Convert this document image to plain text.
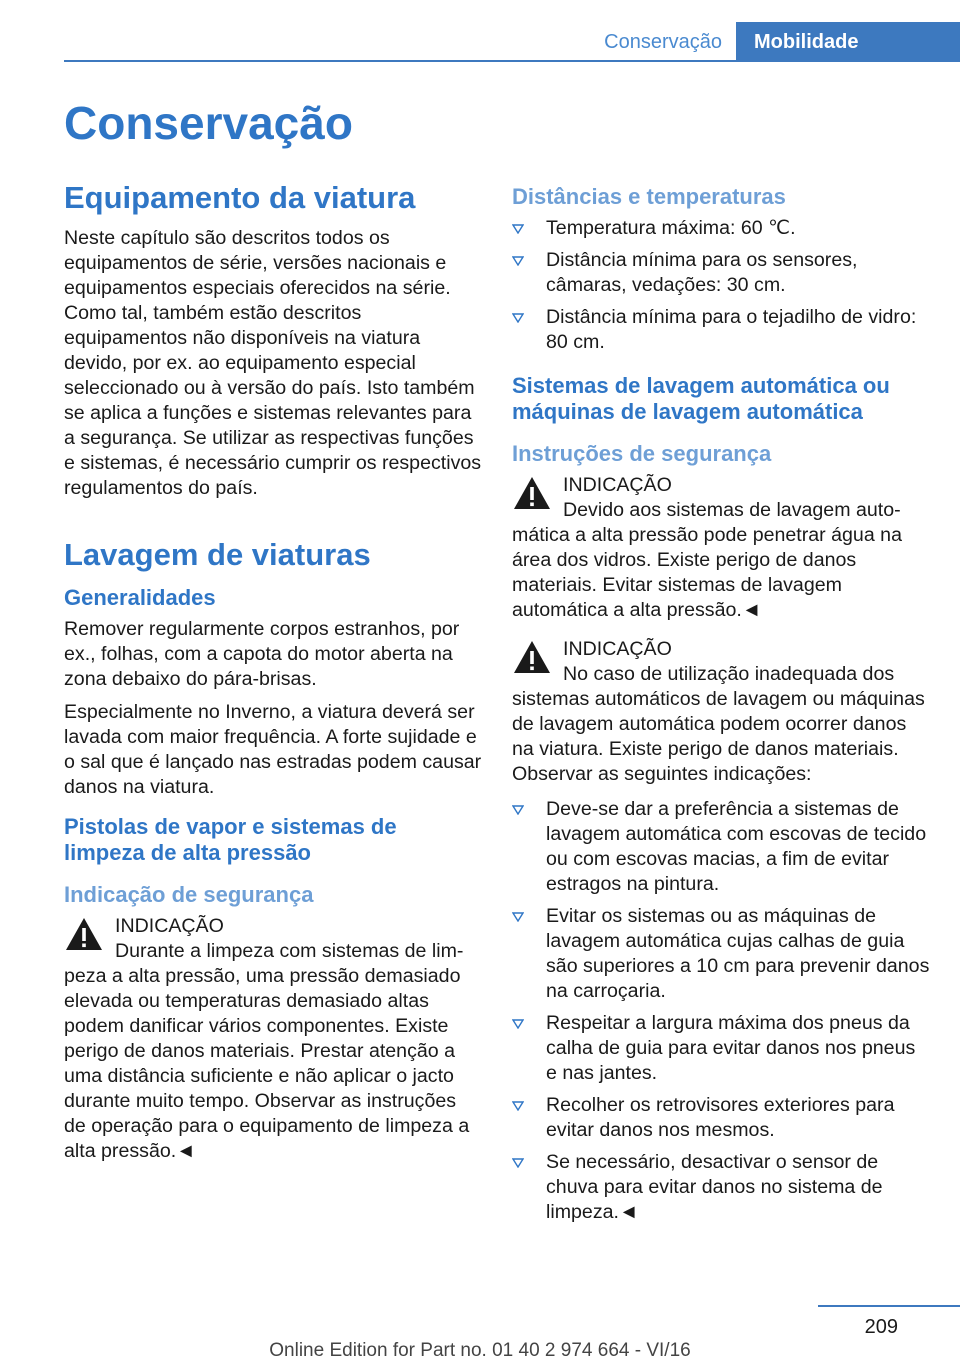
Conservação	Mobilidade
Conservação
Equipamento da viatura

Neste capítulo são descritos todos os equipamentos de série, versões nacionais e equipamentos especiais oferecidos na série. Como tal, também estão descritos equipamentos não disponíveis na viatura devido, por ex. ao equipamento especial seleccionado ou à versão do país. Isto também se aplica a funções e sistemas relevantes para a segurança. Se utilizar as respectivas funções e sistemas, é necessário cumprir os respectivos regulamentos do país.

Lavagem de viaturas
Generalidades

Remover regularmente corpos estranhos, por ex., folhas, com a capota do motor aberta na zona debaixo do pára-brisas.

Especialmente no Inverno, a viatura deverá ser lavada com maior frequência. A forte sujidade e o sal que é lançado nas estradas podem causar danos na viatura.

Pistolas de vapor e sistemas de limpeza de alta pressão
Indicação de segurança
INDICAÇÃO
Durante a limpeza com sistemas de lim-
peza a alta pressão, uma pressão demasiado elevada ou temperaturas demasiado altas podem danificar vários componentes. Existe perigo de danos materiais. Prestar atenção a uma distância suficiente e não aplicar o jacto durante muito tempo. Observar as instruções de operação para o equipamento de limpeza a alta pressão.◄
Distâncias e temperaturas
Temperatura máxima: 60 ℃.
Distância mínima para os sensores, câmaras, vedações: 30 cm.
Distância mínima para o tejadilho de vidro: 80 cm.
Sistemas de lavagem automática ou máquinas de lavagem automática
Instruções de segurança
INDICAÇÃO
Devido aos sistemas de lavagem auto-
mática a alta pressão pode penetrar água na área dos vidros. Existe perigo de danos materiais. Evitar sistemas de lavagem automática a alta pressão.◄
INDICAÇÃO
No caso de utilização inadequada dos
sistemas automáticos de lavagem ou máquinas de lavagem automática podem ocorrer danos na viatura. Existe perigo de danos materiais. Observar as seguintes indicações:
Deve-se dar a preferência a sistemas de lavagem automática com escovas de tecido ou com escovas macias, a fim de evitar estragos na pintura.
Evitar os sistemas ou as máquinas de lavagem automática cujas calhas de guia são superiores a 10 cm para prevenir danos na carroçaria.
Respeitar a largura máxima dos pneus da calha de guia para evitar danos nos pneus e nas jantes.
Recolher os retrovisores exteriores para evitar danos nos mesmos.
Se necessário, desactivar o sensor de chuva para evitar danos no sistema de limpeza.◄
209
Online Edition for Part no. 01 40 2 974 664 - VI/16
